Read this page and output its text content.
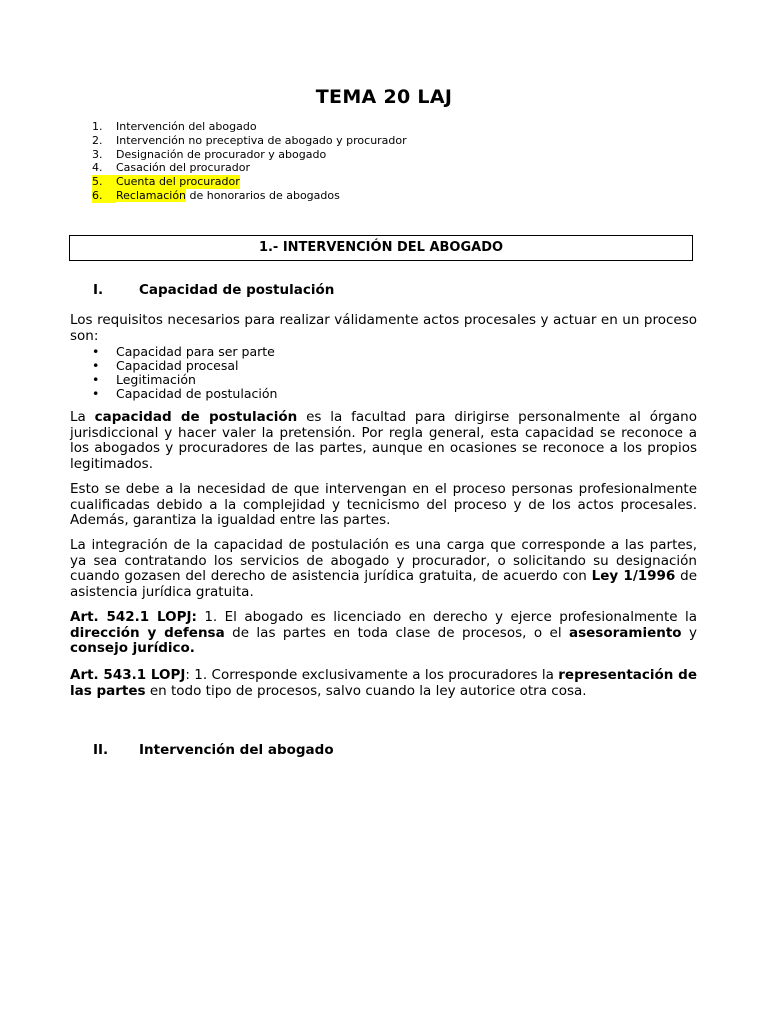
TEMA 20 LAJ
1.	Intervención del abogado
2.	Intervención no preceptiva de abogado y procurador
3.	Designación de procurador y abogado
4.	Casación del procurador
5.	Cuenta del procurador
6.	Reclamación de honorarios de abogados
1.- INTERVENCIÓN DEL ABOGADO
I.	Capacidad de postulación

Los requisitos necesarios para realizar válidamente actos procesales y actuar en un proceso son:

•	Capacidad para ser parte
•	Capacidad procesal
•	Legitimación
•	Capacidad de postulación

La capacidad de postulación es la facultad para dirigirse personalmente al órgano jurisdiccional y hacer valer la pretensión. Por regla general, esta capacidad se reconoce a los abogados y procuradores de las partes, aunque en ocasiones se reconoce a los propios legitimados.

Esto se debe a la necesidad de que intervengan en el proceso personas profesionalmente cualificadas debido a la complejidad y tecnicismo del proceso y de los actos procesales. Además, garantiza la igualdad entre las partes.

La integración de la capacidad de postulación es una carga que corresponde a las partes, ya sea contratando los servicios de abogado y procurador, o solicitando su designación cuando gozasen del derecho de asistencia jurídica gratuita, de acuerdo con Ley 1/1996 de asistencia jurídica gratuita.

Art. 542.1 LOPJ: 1. El abogado es licenciado en derecho y ejerce profesionalmente la dirección y defensa de las partes en toda clase de procesos, o el asesoramiento y consejo jurídico.

Art. 543.1 LOPJ: 1. Corresponde exclusivamente a los procuradores la representación de las partes en todo tipo de procesos, salvo cuando la ley autorice otra cosa.

II.	Intervención del abogado
